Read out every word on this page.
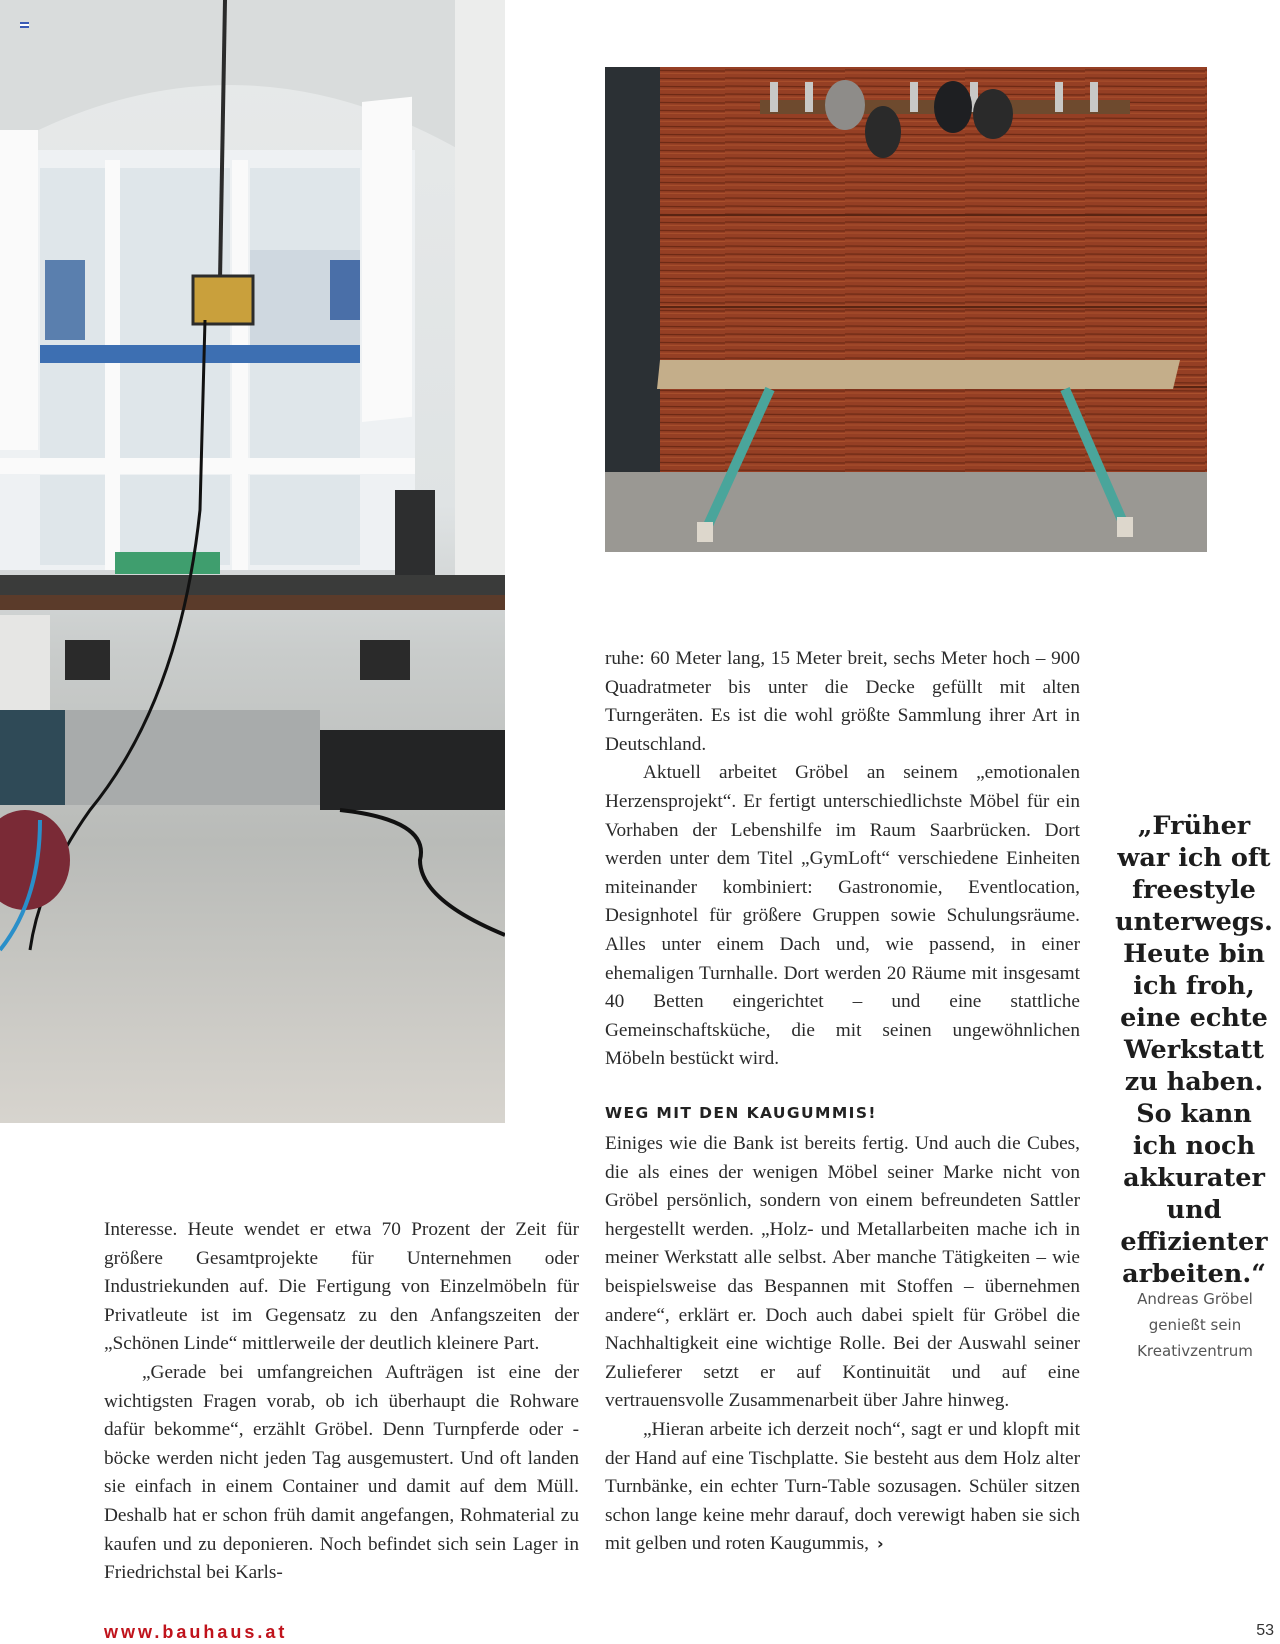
Interesse. Heute wendet er etwa 70 Prozent der Zeit für größere Gesamtprojekte für Unternehmen oder Industriekunden auf. Die Fertigung von Einzelmöbeln für Privatleute ist im Gegensatz zu den Anfangszeiten der „Schönen Linde“ mittlerweile der deutlich kleinere Part.

„Gerade bei umfangreichen Aufträgen ist eine der wichtigsten Fragen vorab, ob ich überhaupt die Rohware dafür bekomme“, erzählt Gröbel. Denn Turnpferde oder -böcke werden nicht jeden Tag ausgemustert. Und oft landen sie einfach in einem Container und damit auf dem Müll. Deshalb hat er schon früh damit angefangen, Rohmaterial zu kaufen und zu deponieren. Noch befindet sich sein Lager in Friedrichstal bei Karls-

ruhe: 60 Meter lang, 15 Meter breit, sechs Meter hoch – 900 Quadratmeter bis unter die Decke gefüllt mit alten Turngeräten. Es ist die wohl größte Sammlung ihrer Art in Deutschland.

Aktuell arbeitet Gröbel an seinem „emotionalen Herzensprojekt“. Er fertigt unterschiedlichste Möbel für ein Vorhaben der Lebenshilfe im Raum Saarbrücken. Dort werden unter dem Titel „GymLoft“ verschiedene Einheiten miteinander kombiniert: Gastronomie, Eventlocation, Designhotel für größere Gruppen sowie Schulungsräume. Alles unter einem Dach und, wie passend, in einer ehemaligen Turnhalle. Dort werden 20 Räume mit insgesamt 40 Betten eingerichtet – und eine stattliche Gemeinschaftsküche, die mit seinen ungewöhnlichen Möbeln bestückt wird.

WEG MIT DEN KAUGUMMIS!

Einiges wie die Bank ist bereits fertig. Und auch die Cubes, die als eines der wenigen Möbel seiner Marke nicht von Gröbel persönlich, sondern von einem befreundeten Sattler hergestellt werden. „Holz- und Metallarbeiten mache ich in meiner Werkstatt alle selbst. Aber manche Tätigkeiten – wie beispielsweise das Bespannen mit Stoffen – übernehmen andere“, erklärt er. Doch auch dabei spielt für Gröbel die Nachhaltigkeit eine wichtige Rolle. Bei der Auswahl seiner Zulieferer setzt er auf Kontinuität und auf eine vertrauensvolle Zusammenarbeit über Jahre hinweg.

„Hieran arbeite ich derzeit noch“, sagt er und klopft mit der Hand auf eine Tischplatte. Sie besteht aus dem Holz alter Turnbänke, ein echter Turn-Table sozusagen. Schüler sitzen schon lange keine mehr darauf, doch verewigt haben sie sich mit gelben und roten Kaugummis, ›

„Früher war ich oft freestyle unterwegs. Heute bin ich froh, eine echte Werkstatt zu haben. So kann ich noch akkurater und effizienter arbeiten.“
Andreas Gröbel genießt sein Kreativzentrum
www.bauhaus.at	53
